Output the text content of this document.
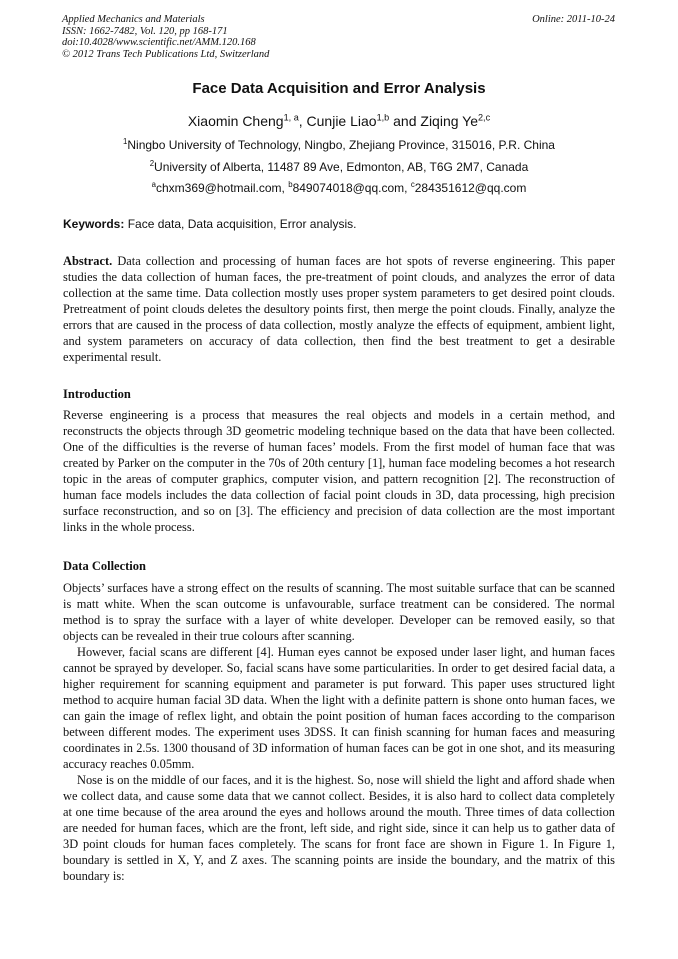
Applied Mechanics and Materials
ISSN: 1662-7482, Vol. 120, pp 168-171
doi:10.4028/www.scientific.net/AMM.120.168
© 2012 Trans Tech Publications Ltd, Switzerland
Online: 2011-10-24
Face Data Acquisition and Error Analysis
Xiaomin Cheng$^{1, a}$, Cunjie Liao$^{1,b}$ and Ziqing Ye$^{2,c}$
$^1$Ningbo University of Technology, Ningbo, Zhejiang Province, 315016, P.R. China
$^2$University of Alberta, 11487 89 Ave, Edmonton, AB, T6G 2M7, Canada
$^a$chxm369@hotmail.com, $^b$849074018@qq.com, $^c$284351612@qq.com
Keywords: Face data, Data acquisition, Error analysis.

Abstract. Data collection and processing of human faces are hot spots of reverse engineering. This paper studies the data collection of human faces, the pre-treatment of point clouds, and analyzes the error of data collection at the same time. Data collection mostly uses proper system parameters to get desired point clouds. Pretreatment of point clouds deletes the desultory points first, then merge the point clouds. Finally, analyze the errors that are caused in the process of data collection, mostly analyze the effects of equipment, ambient light, and system parameters on accuracy of data collection, then find the best treatment to get a desirable experimental result.

Introduction

Reverse engineering is a process that measures the real objects and models in a certain method, and reconstructs the objects through 3D geometric modeling technique based on the data that have been collected. One of the difficulties is the reverse of human faces’ models. From the first model of human face that was created by Parker on the computer in the 70s of 20th century [1], human face modeling becomes a hot research topic in the areas of computer graphics, computer vision, and pattern recognition [2]. The reconstruction of human face models includes the data collection of facial point clouds in 3D, data processing, high precision surface reconstruction, and so on [3]. The efficiency and precision of data collection are the most important links in the whole process.

Data Collection

Objects’ surfaces have a strong effect on the results of scanning. The most suitable surface that can be scanned is matt white. When the scan outcome is unfavourable, surface treatment can be considered. The normal method is to spray the surface with a layer of white developer. Developer can be removed easily, so that objects can be revealed in their true colours after scanning.

However, facial scans are different [4]. Human eyes cannot be exposed under laser light, and human faces cannot be sprayed by developer. So, facial scans have some particularities. In order to get desired facial data, a higher requirement for scanning equipment and parameter is put forward. This paper uses structured light method to acquire human facial 3D data. When the light with a definite pattern is shone onto human faces, we can gain the image of reflex light, and obtain the point position of human faces according to the comparison between different modes. The experiment uses 3DSS. It can finish scanning for human faces and measuring coordinates in 2.5s. 1300 thousand of 3D information of human faces can be got in one shot, and its measuring accuracy reaches 0.05mm.

Nose is on the middle of our faces, and it is the highest. So, nose will shield the light and afford shade when we collect data, and cause some data that we cannot collect. Besides, it is also hard to collect data completely at one time because of the area around the eyes and hollows around the mouth. Three times of data collection are needed for human faces, which are the front, left side, and right side, since it can help us to gather data of 3D point clouds for human faces completely. The scans for front face are shown in Figure 1. In Figure 1, boundary is settled in X, Y, and Z axes. The scanning points are inside the boundary, and the matrix of this boundary is:
